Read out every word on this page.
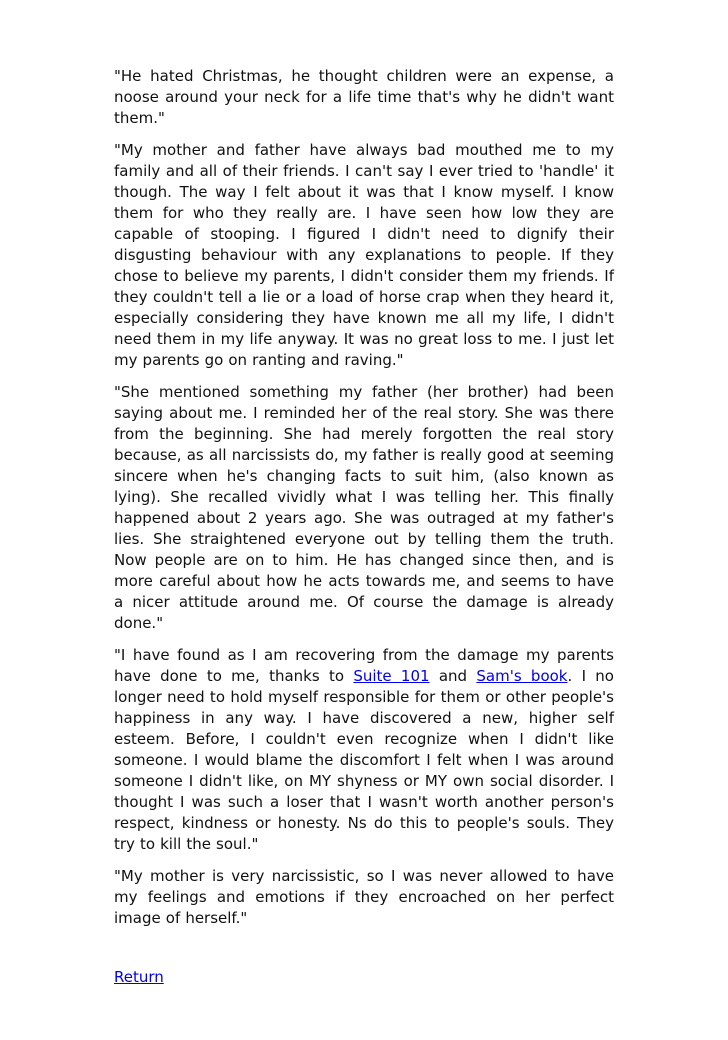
"He hated Christmas, he thought children were an expense, a noose around your neck for a life time that's why he didn't want them."

"My mother and father have always bad mouthed me to my family and all of their friends. I can't say I ever tried to 'handle' it though. The way I felt about it was that I know myself. I know them for who they really are. I have seen how low they are capable of stooping. I figured I didn't need to dignify their disgusting behaviour with any explanations to people. If they chose to believe my parents, I didn't consider them my friends. If they couldn't tell a lie or a load of horse crap when they heard it, especially considering they have known me all my life, I didn't need them in my life anyway. It was no great loss to me. I just let my parents go on ranting and raving."

"She mentioned something my father (her brother) had been saying about me. I reminded her of the real story. She was there from the beginning. She had merely forgotten the real story because, as all narcissists do, my father is really good at seeming sincere when he's changing facts to suit him, (also known as lying). She recalled vividly what I was telling her. This finally happened about 2 years ago. She was outraged at my father's lies. She straightened everyone out by telling them the truth. Now people are on to him. He has changed since then, and is more careful about how he acts towards me, and seems to have a nicer attitude around me. Of course the damage is already done."

"I have found as I am recovering from the damage my parents have done to me, thanks to Suite 101 and Sam's book. I no longer need to hold myself responsible for them or other people's happiness in any way. I have discovered a new, higher self esteem. Before, I couldn't even recognize when I didn't like someone. I would blame the discomfort I felt when I was around someone I didn't like, on MY shyness or MY own social disorder. I thought I was such a loser that I wasn't worth another person's respect, kindness or honesty. Ns do this to people's souls. They try to kill the soul."

"My mother is very narcissistic, so I was never allowed to have my feelings and emotions if they encroached on her perfect image of herself."

Return
